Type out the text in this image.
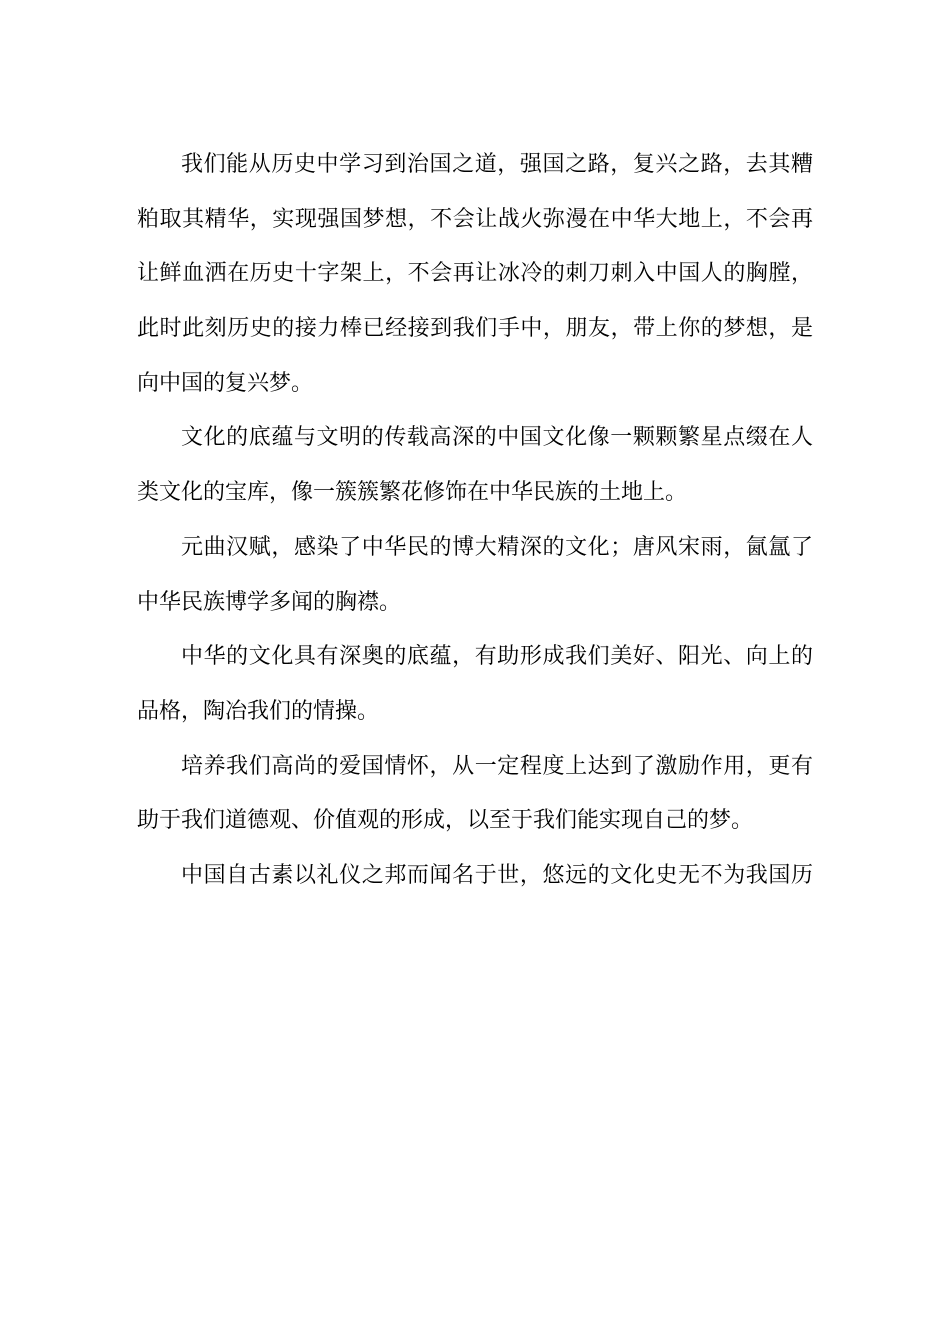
我们能从历史中学习到治国之道，强国之路，复兴之路，去其糟
粕取其精华，实现强国梦想，不会让战火弥漫在中华大地上，不会再
让鲜血洒在历史十字架上，不会再让冰冷的刺刀刺入中国人的胸膛，
此时此刻历史的接力棒已经接到我们手中，朋友，带上你的梦想，是
向中国的复兴梦。
文化的底蕴与文明的传载高深的中国文化像一颗颗繁星点缀在人
类文化的宝库，像一簇簇繁花修饰在中华民族的土地上。
元曲汉赋，感染了中华民的博大精深的文化；唐风宋雨，氤氲了
中华民族博学多闻的胸襟。
中华的文化具有深奥的底蕴，有助形成我们美好、阳光、向上的
品格，陶冶我们的情操。
培养我们高尚的爱国情怀，从一定程度上达到了激励作用，更有
助于我们道德观、价值观的形成，以至于我们能实现自己的梦。
中国自古素以礼仪之邦而闻名于世，悠远的文化史无不为我国历
